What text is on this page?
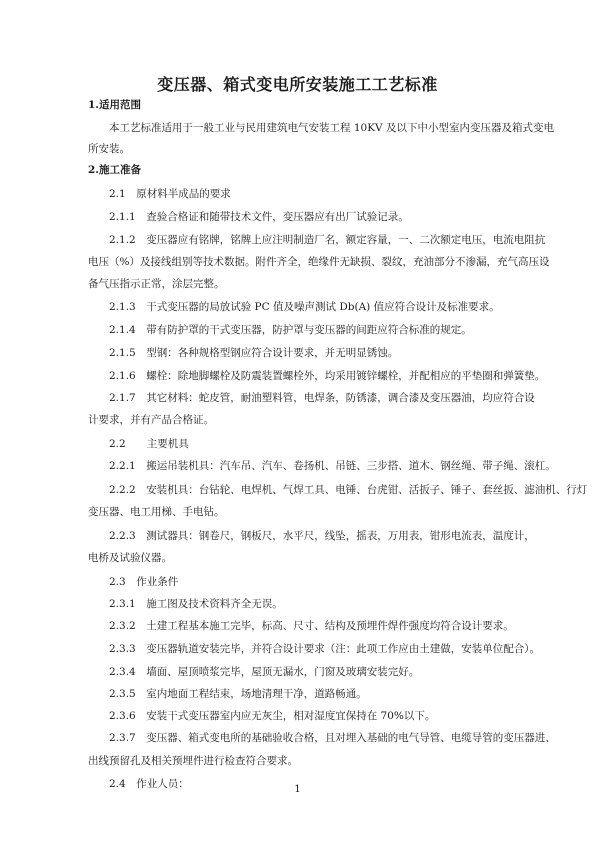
变压器、箱式变电所安装施工工艺标准
1.适用范围
　　本工艺标准适用于一般工业与民用建筑电气安装工程 10KV 及以下中小型室内变压器及箱式变电
所安装。
2.施工准备
　　2.1　原材料半成品的要求
　　2.1.1　查验合格证和随带技术文件，变压器应有出厂试验记录。
　　2.1.2　变压器应有铭牌，铭牌上应注明制造厂名，额定容量，一、二次额定电压，电流电阻抗
电压（%）及接线组别等技术数据。附件齐全，绝缘件无缺损、裂纹，充油部分不渗漏，充气高压设
备气压指示正常，涂层完整。
　　2.1.3　干式变压器的局放试验 PC 值及噪声测试 Db(A) 值应符合设计及标准要求。
　　2.1.4　带有防护罩的干式变压器，防护罩与变压器的间距应符合标准的规定。
　　2.1.5　型钢：各种规格型钢应符合设计要求，并无明显锈蚀。
　　2.1.6　螺栓：除地脚螺栓及防震装置螺栓外，均采用镀锌螺栓，并配相应的平垫圈和弹簧垫。
　　2.1.7　其它材料：蛇皮管，耐油塑料管，电焊条，防锈漆，调合漆及变压器油，均应符合设
计要求，并有产品合格证。
　　2.2　　主要机具
　　2.2.1　搬运吊装机具：汽车吊、汽车、卷扬机、吊链、三步搭、道木、钢丝绳、带子绳、滚杠。
　　2.2.2　安装机具：台钻轮、电焊机、气焊工具、电锤、台虎钳、活扳子、锤子、套丝扳、滤油机、行灯
变压器、电工用梯、手电钻。
　　2.2.3　测试器具：钢卷尺，钢板尺，水平尺，线坠，摇表，万用表，钳形电流表，温度计，
电桥及试验仪器。
　　2.3　作业条件
　　2.3.1　施工图及技术资料齐全无误。
　　2.3.2　土建工程基本施工完毕，标高、尺寸、结构及预埋件焊件强度均符合设计要求。
　　2.3.3　变压器轨道安装完毕，并符合设计要求（注：此项工作应由土建做，安装单位配合）。
　　2.3.4　墙面、屋顶喷浆完毕，屋顶无漏水，门窗及玻璃安装完好。
　　2.3.5　室内地面工程结束，场地清理干净，道路畅通。
　　2.3.6　安装干式变压器室内应无灰尘，相对湿度宜保持在 70%以下。
　　2.3.7　变压器、箱式变电所的基础验收合格，且对埋入基础的电气导管、电缆导管的变压器进、
出线预留孔及相关预埋件进行检查符合要求。
　　2.4　作业人员：	1
